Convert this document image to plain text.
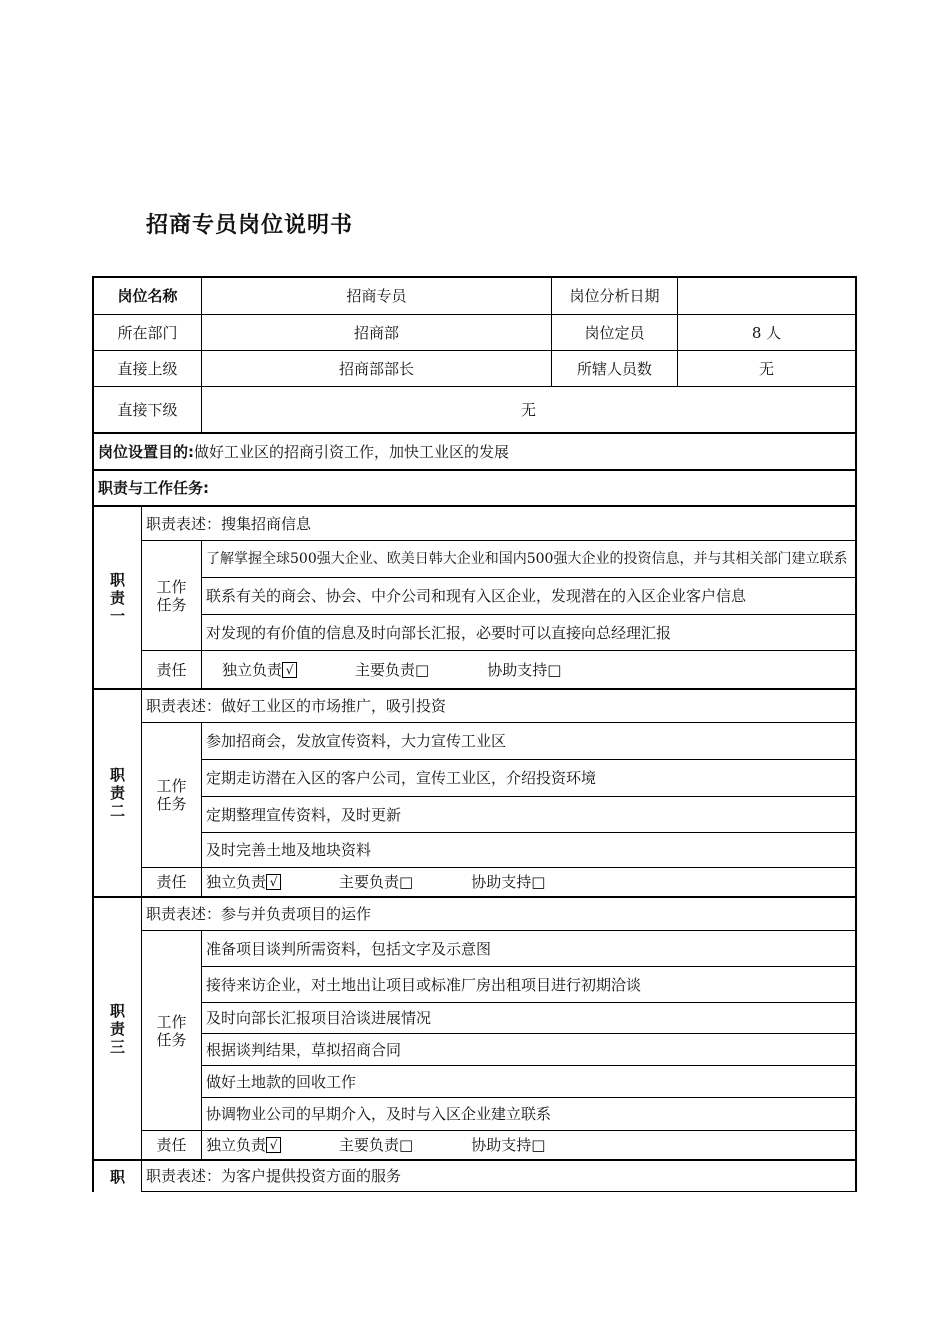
招商专员岗位说明书
岗位名称	招商专员	岗位分析日期
所在部门	招商部	岗位定员	8 人
直接上级	招商部部长	所辖人员数	无
直接下级	无
岗位设置目的: 做好工业区的招商引资工作，加快工业区的发展
职责与工作任务:
职
责
一
职责表述：搜集招商信息
工作
任务
了解掌握全球500强大企业、欧美日韩大企业和国内500强大企业的投资信息，并与其相关部门建立联系
联系有关的商会、协会、中介公司和现有入区企业，发现潜在的入区企业客户信息
对发现的有价值的信息及时向部长汇报，必要时可以直接向总经理汇报
责任	独立负责 √	主要负责 □	协助支持 □
职
责
二
职责表述：做好工业区的市场推广，吸引投资
工作
任务
参加招商会，发放宣传资料，大力宣传工业区
定期走访潜在入区的客户公司，宣传工业区，介绍投资环境
定期整理宣传资料，及时更新
及时完善土地及地块资料
责任	独立负责 √	主要负责 □	协助支持 □
职
责
三
职责表述：参与并负责项目的运作
工作
任务
准备项目谈判所需资料，包括文字及示意图
接待来访企业，对土地出让项目或标准厂房出租项目进行初期洽谈
及时向部长汇报项目洽谈进展情况
根据谈判结果，草拟招商合同
做好土地款的回收工作
协调物业公司的早期介入，及时与入区企业建立联系
责任	独立负责 √	主要负责 □	协助支持 □
职	职责表述：为客户提供投资方面的服务
